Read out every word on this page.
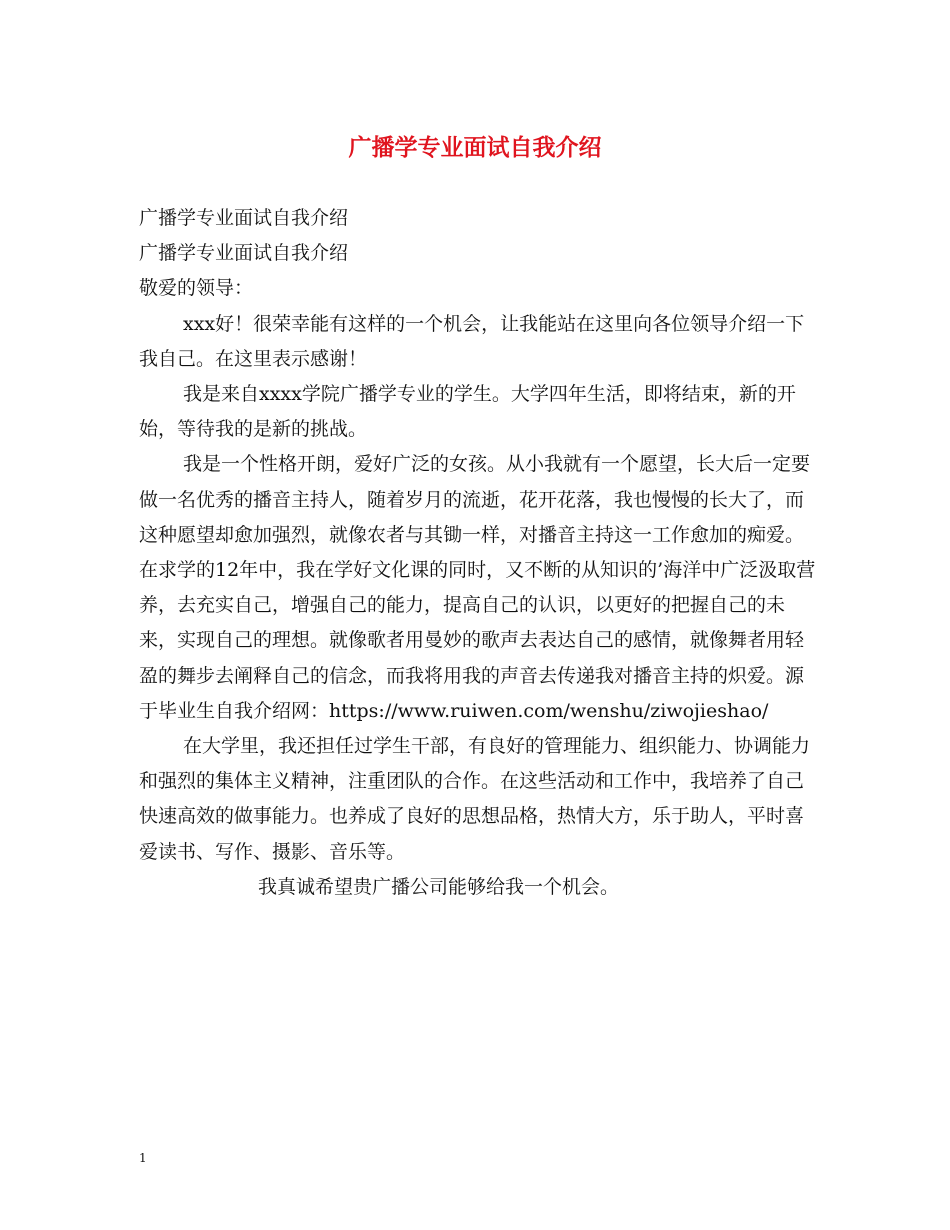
广播学专业面试自我介绍

广播学专业面试自我介绍

广播学专业面试自我介绍

敬爱的领导：

xxx好！很荣幸能有这样的一个机会，让我能站在这里向各位领导介绍一下我自己。在这里表示感谢！

我是来自xxxx学院广播学专业的学生。大学四年生活，即将结束，新的开始，等待我的是新的挑战。

我是一个性格开朗，爱好广泛的女孩。从小我就有一个愿望，长大后一定要做一名优秀的播音主持人，随着岁月的流逝，花开花落，我也慢慢的长大了，而这种愿望却愈加强烈，就像农者与其锄一样，对播音主持这一工作愈加的痴爱。在求学的12年中，我在学好文化课的同时，又不断的从知识的’海洋中广泛汲取营养，去充实自己，增强自己的能力，提高自己的认识，以更好的把握自己的未来，实现自己的理想。就像歌者用曼妙的歌声去表达自己的感情，就像舞者用轻盈的舞步去阐释自己的信念，而我将用我的声音去传递我对播音主持的炽爱。源于毕业生自我介绍网：https://www.ruiwen.com/wenshu/ziwojieshao/

在大学里，我还担任过学生干部，有良好的管理能力、组织能力、协调能力和强烈的集体主义精神，注重团队的合作。在这些活动和工作中，我培养了自己快速高效的做事能力。也养成了良好的思想品格，热情大方，乐于助人，平时喜爱读书、写作、摄影、音乐等。

我真诚希望贵广播公司能够给我一个机会。

1
